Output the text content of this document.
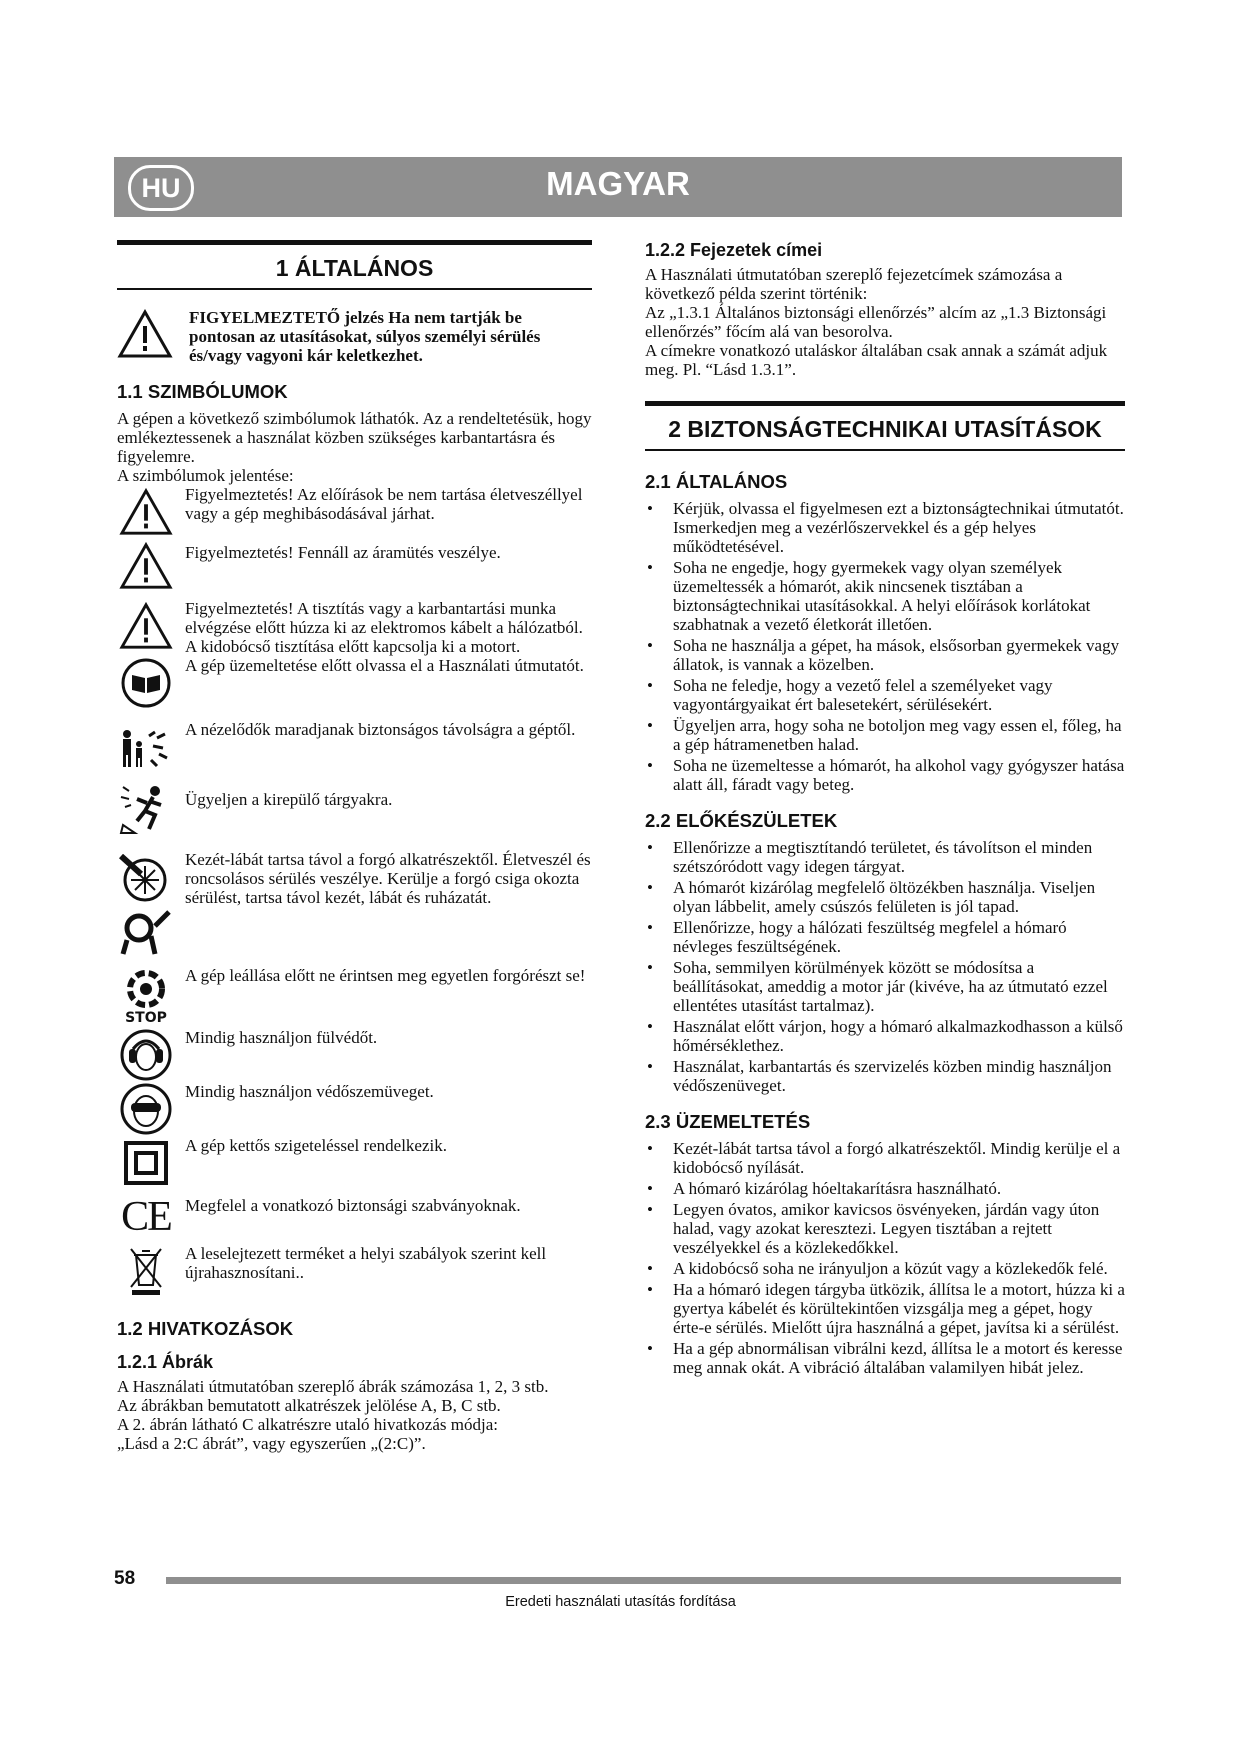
HU	MAGYAR
1 ÁLTALÁNOS

FIGYELMEZTETŐ jelzés Ha nem tartják be pontosan az utasításokat, súlyos személyi sérülés és/vagy vagyoni kár keletkezhet.

1.1 SZIMBÓLUMOK

A gépen a következő szimbólumok láthatók. Az a rendeltetésük, hogy emlékeztessenek a használat közben szükséges karbantartásra és figyelemre.

A szimbólumok jelentése:

Figyelmeztetés! Az előírások be nem tartása életveszéllyel vagy a gép meghibásodásával járhat.

Figyelmeztetés! Fennáll az áramütés veszélye.

Figyelmeztetés! A tisztítás vagy a karbantartási munka elvégzése előtt húzza ki az elektromos kábelt a hálózatból. A kidobócső tisztítása előtt kapcsolja ki a motort.

A gép üzemeltetése előtt olvassa el a Használati útmutatót.

A nézelődők maradjanak biztonságos távolságra a géptől.

Ügyeljen a kirepülő tárgyakra.

Kezét-lábát tartsa távol a forgó alkatrészektől. Életveszél és roncsolásos sérülés veszélye. Kerülje a forgó csiga okozta sérülést, tartsa távol kezét, lábát és ruházatát.

STOP

A gép leállása előtt ne érintsen meg egyetlen forgórészt se!

Mindig használjon fülvédőt.

Mindig használjon védőszemüveget.

A gép kettős szigeteléssel rendelkezik.

CE Megfelel a vonatkozó biztonsági szabványoknak.

A leselejtezett terméket a helyi szabályok szerint kell újrahasznosítani..

1.2 HIVATKOZÁSOK
1.2.1 Ábrák

A Használati útmutatóban szereplő ábrák számozása 1, 2, 3 stb.

Az ábrákban bemutatott alkatrészek jelölése A, B, C stb.

A 2. ábrán látható C alkatrészre utaló hivatkozás módja:

„Lásd a 2:C ábrát”, vagy egyszerűen „(2:C)”.

1.2.2 Fejezetek címei

A Használati útmutatóban szereplő fejezetcímek számozása a következő példa szerint történik:

Az „1.3.1 Általános biztonsági ellenőrzés” alcím az „1.3 Biztonsági ellenőrzés” főcím alá van besorolva.

A címekre vonatkozó utaláskor általában csak annak a számát adjuk meg. Pl. “Lásd 1.3.1”.

2 BIZTONSÁGTECHNIKAI UTASÍTÁSOK
2.1 ÁLTALÁNOS
• Kérjük, olvassa el figyelmesen ezt a biztonságtechnikai útmutatót. Ismerkedjen meg a vezérlőszervekkel és a gép helyes működtetésével.
• Soha ne engedje, hogy gyermekek vagy olyan személyek üzemeltessék a hómarót, akik nincsenek tisztában a biztonságtechnikai utasításokkal. A helyi előírások korlátokat szabhatnak a vezető életkorát illetően.
• Soha ne használja a gépet, ha mások, elsősorban gyermekek vagy állatok, is vannak a közelben.
• Soha ne feledje, hogy a vezető felel a személyeket vagy vagyontárgyaikat ért balesetekért, sérülésekért.
• Ügyeljen arra, hogy soha ne botoljon meg vagy essen el, főleg, ha a gép hátramenetben halad.
• Soha ne üzemeltesse a hómarót, ha alkohol vagy gyógyszer hatása alatt áll, fáradt vagy beteg.
2.2 ELŐKÉSZÜLETEK
• Ellenőrizze a megtisztítandó területet, és távolítson el minden szétszóródott vagy idegen tárgyat.
• A hómarót kizárólag megfelelő öltözékben használja. Viseljen olyan lábbelit, amely csúszós felületen is jól tapad.
• Ellenőrizze, hogy a hálózati feszültség megfelel a hómaró névleges feszültségének.
• Soha, semmilyen körülmények között se módosítsa a beállításokat, ameddig a motor jár (kivéve, ha az útmutató ezzel ellentétes utasítást tartalmaz).
• Használat előtt várjon, hogy a hómaró alkalmazkodhasson a külső hőmérséklethez.
• Használat, karbantartás és szervizelés közben mindig használjon védőszenüveget.
2.3 ÜZEMELTETÉS
• Kezét-lábát tartsa távol a forgó alkatrészektől. Mindig kerülje el a kidobócső nyílását.
• A hómaró kizárólag hóeltakarításra használható.
• Legyen óvatos, amikor kavicsos ösvényeken, járdán vagy úton halad, vagy azokat keresztezi. Legyen tisztában a rejtett veszélyekkel és a közlekedőkkel.
• A kidobócső soha ne irányuljon a közút vagy a közlekedők felé.
• Ha a hómaró idegen tárgyba ütközik, állítsa le a motort, húzza ki a gyertya kábelét és körültekintően vizsgálja meg a gépet, hogy érte-e sérülés. Mielőtt újra használná a gépet, javítsa ki a sérülést.
• Ha a gép abnormálisan vibrálni kezd, állítsa le a motort és keresse meg annak okát. A vibráció általában valamilyen hibát jelez.
58
Eredeti használati utasítás fordítása
